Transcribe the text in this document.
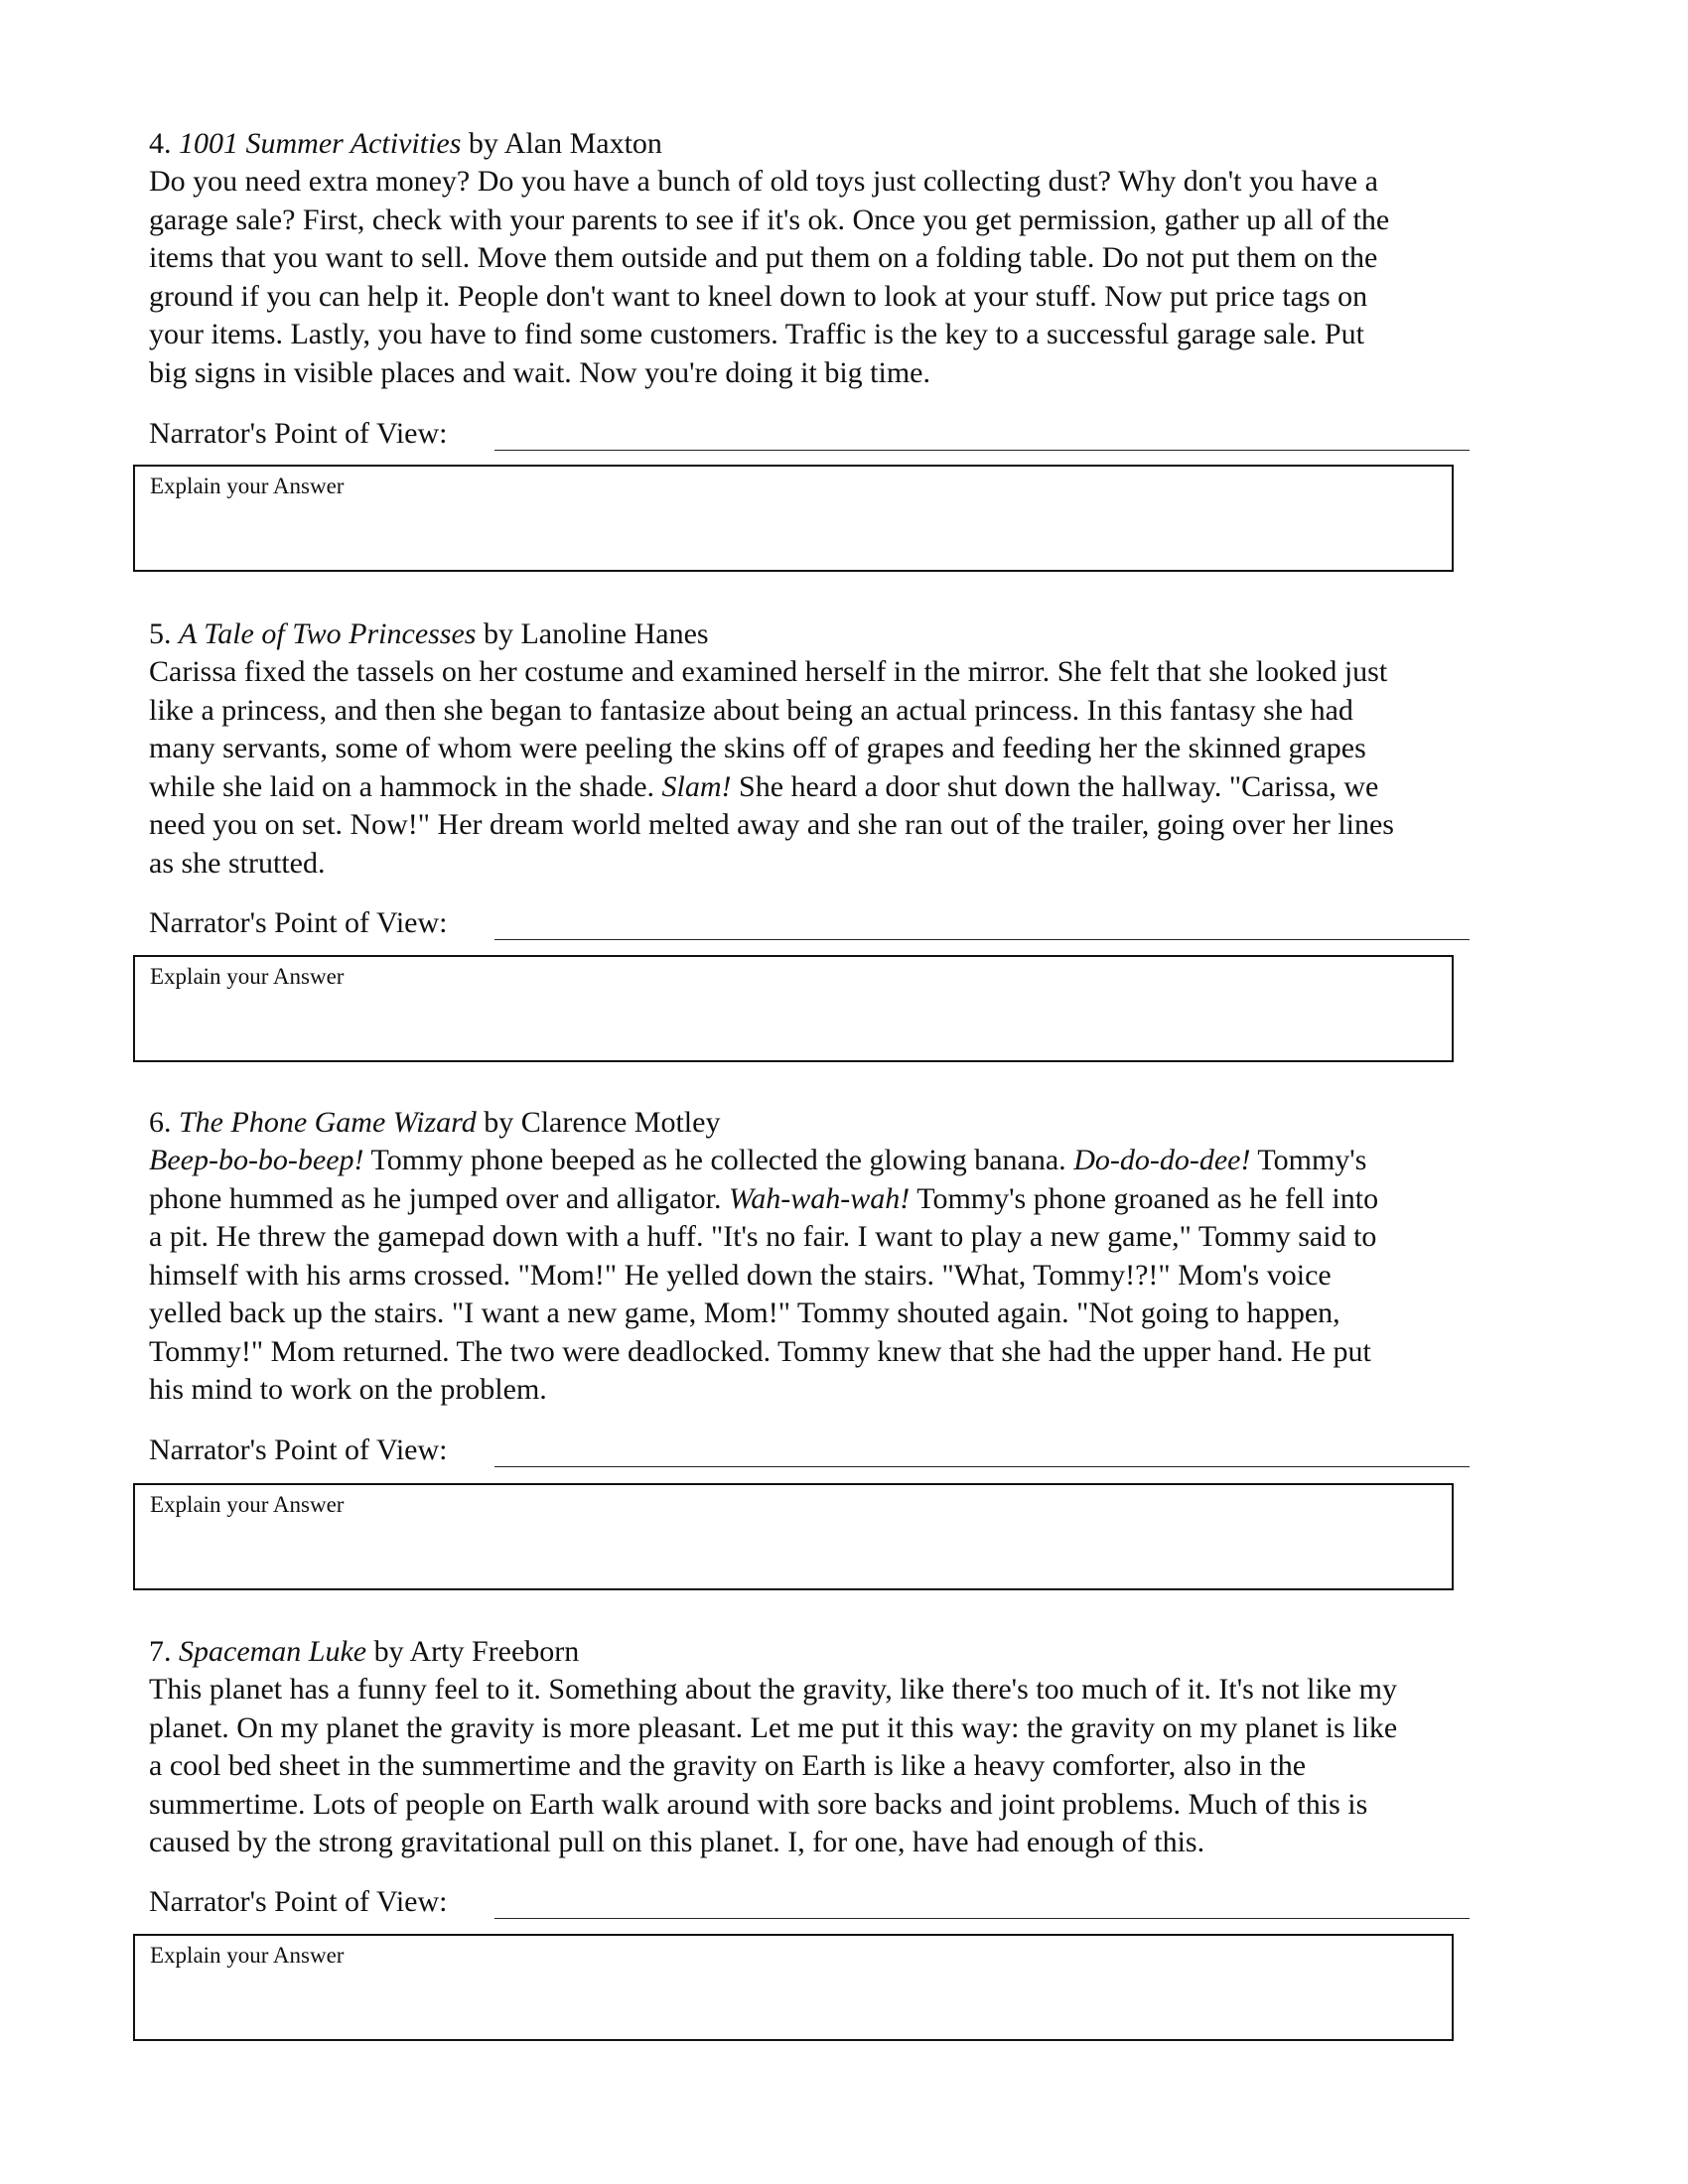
4. 1001 Summer Activities by Alan Maxton

Do you need extra money? Do you have a bunch of old toys just collecting dust? Why don't you have a
garage sale? First, check with your parents to see if it's ok. Once you get permission, gather up all of the
items that you want to sell. Move them outside and put them on a folding table. Do not put them on the
ground if you can help it. People don't want to kneel down to look at your stuff. Now put price tags on
your items. Lastly, you have to find some customers. Traffic is the key to a successful garage sale. Put
big signs in visible places and wait. Now you're doing it big time.
Narrator's Point of View:
Explain your Answer

5. A Tale of Two Princesses by Lanoline Hanes

Carissa fixed the tassels on her costume and examined herself in the mirror. She felt that she looked just
like a princess, and then she began to fantasize about being an actual princess. In this fantasy she had
many servants, some of whom were peeling the skins off of grapes and feeding her the skinned grapes
while she laid on a hammock in the shade. Slam! She heard a door shut down the hallway. "Carissa, we
need you on set. Now!" Her dream world melted away and she ran out of the trailer, going over her lines
as she strutted.
Narrator's Point of View:
Explain your Answer

6. The Phone Game Wizard by Clarence Motley

Beep-bo-bo-beep! Tommy phone beeped as he collected the glowing banana. Do-do-do-dee! Tommy's
phone hummed as he jumped over and alligator. Wah-wah-wah! Tommy's phone groaned as he fell into
a pit. He threw the gamepad down with a huff. "It's no fair. I want to play a new game," Tommy said to
himself with his arms crossed. "Mom!" He yelled down the stairs. "What, Tommy!?!" Mom's voice
yelled back up the stairs. "I want a new game, Mom!" Tommy shouted again. "Not going to happen,
Tommy!" Mom returned. The two were deadlocked. Tommy knew that she had the upper hand. He put
his mind to work on the problem.
Narrator's Point of View:
Explain your Answer

7. Spaceman Luke by Arty Freeborn

This planet has a funny feel to it. Something about the gravity, like there's too much of it. It's not like my
planet. On my planet the gravity is more pleasant. Let me put it this way: the gravity on my planet is like
a cool bed sheet in the summertime and the gravity on Earth is like a heavy comforter, also in the
summertime. Lots of people on Earth walk around with sore backs and joint problems. Much of this is
caused by the strong gravitational pull on this planet. I, for one, have had enough of this.
Narrator's Point of View:
Explain your Answer
